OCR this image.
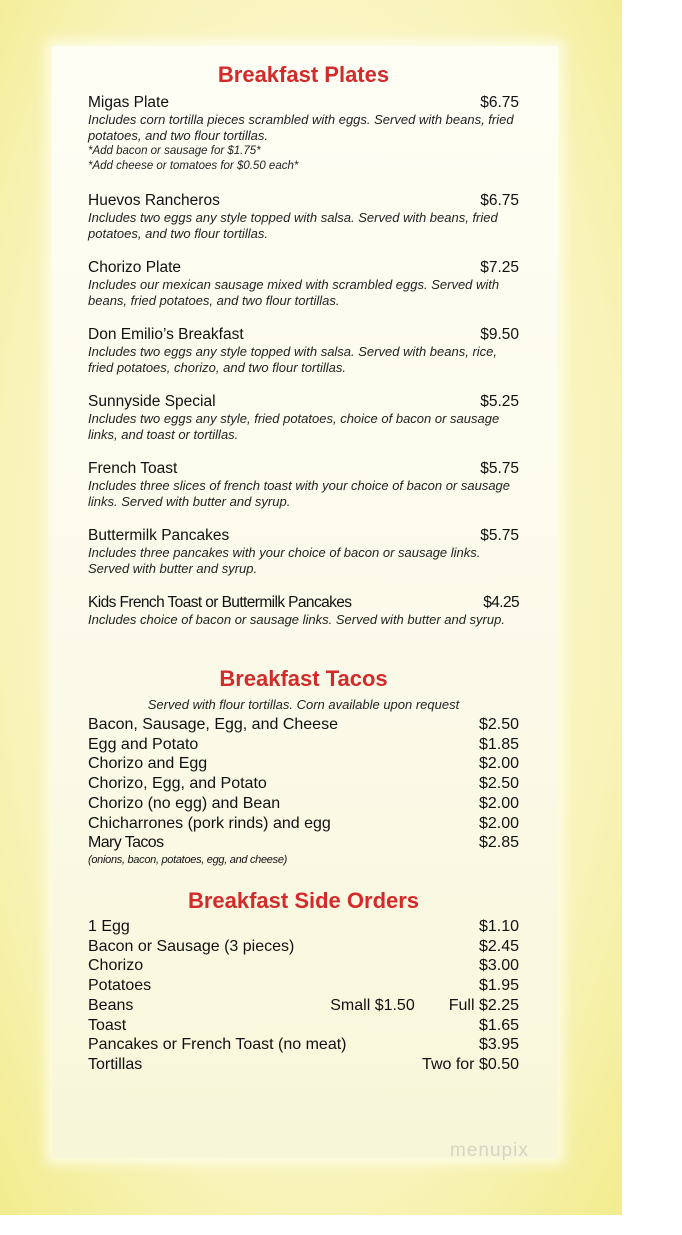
Breakfast Plates
Migas Plate	$6.75
Includes corn tortilla pieces scrambled with eggs. Served with beans, fried potatoes, and two flour tortillas.
*Add bacon or sausage for $1.75*
*Add cheese or tomatoes for $0.50 each*
Huevos Rancheros	$6.75
Includes two eggs any style topped with salsa. Served with beans, fried potatoes, and two flour tortillas.
Chorizo Plate	$7.25
Includes our mexican sausage mixed with scrambled eggs. Served with beans, fried potatoes, and two flour tortillas.
Don Emilio’s Breakfast	$9.50
Includes two eggs any style topped with salsa. Served with beans, rice, fried potatoes, chorizo, and two flour tortillas.
Sunnyside Special	$5.25
Includes two eggs any style, fried potatoes, choice of bacon or sausage links, and toast or tortillas.
French Toast	$5.75
Includes three slices of french toast with your choice of bacon or sausage links. Served with butter and syrup.
Buttermilk Pancakes	$5.75
Includes three pancakes with your choice of bacon or sausage links. Served with butter and syrup.
Kids French Toast or Buttermilk Pancakes	$4.25
Includes choice of bacon or sausage links. Served with butter and syrup.
Breakfast Tacos
Served with flour tortillas. Corn available upon request
Bacon, Sausage, Egg, and Cheese	$2.50
Egg and Potato	$1.85
Chorizo and Egg	$2.00
Chorizo, Egg, and Potato	$2.50
Chorizo (no egg) and Bean	$2.00
Chicharrones (pork rinds) and egg	$2.00
Mary Tacos	$2.85
(onions, bacon, potatoes, egg, and cheese)
Breakfast Side Orders
1 Egg	$1.10
Bacon or Sausage (3 pieces)	$2.45
Chorizo	$3.00
Potatoes	$1.95
Beans	Small $1.50 Full $2.25
Toast	$1.65
Pancakes or French Toast (no meat)	$3.95
Tortillas	Two for $0.50
menupix
